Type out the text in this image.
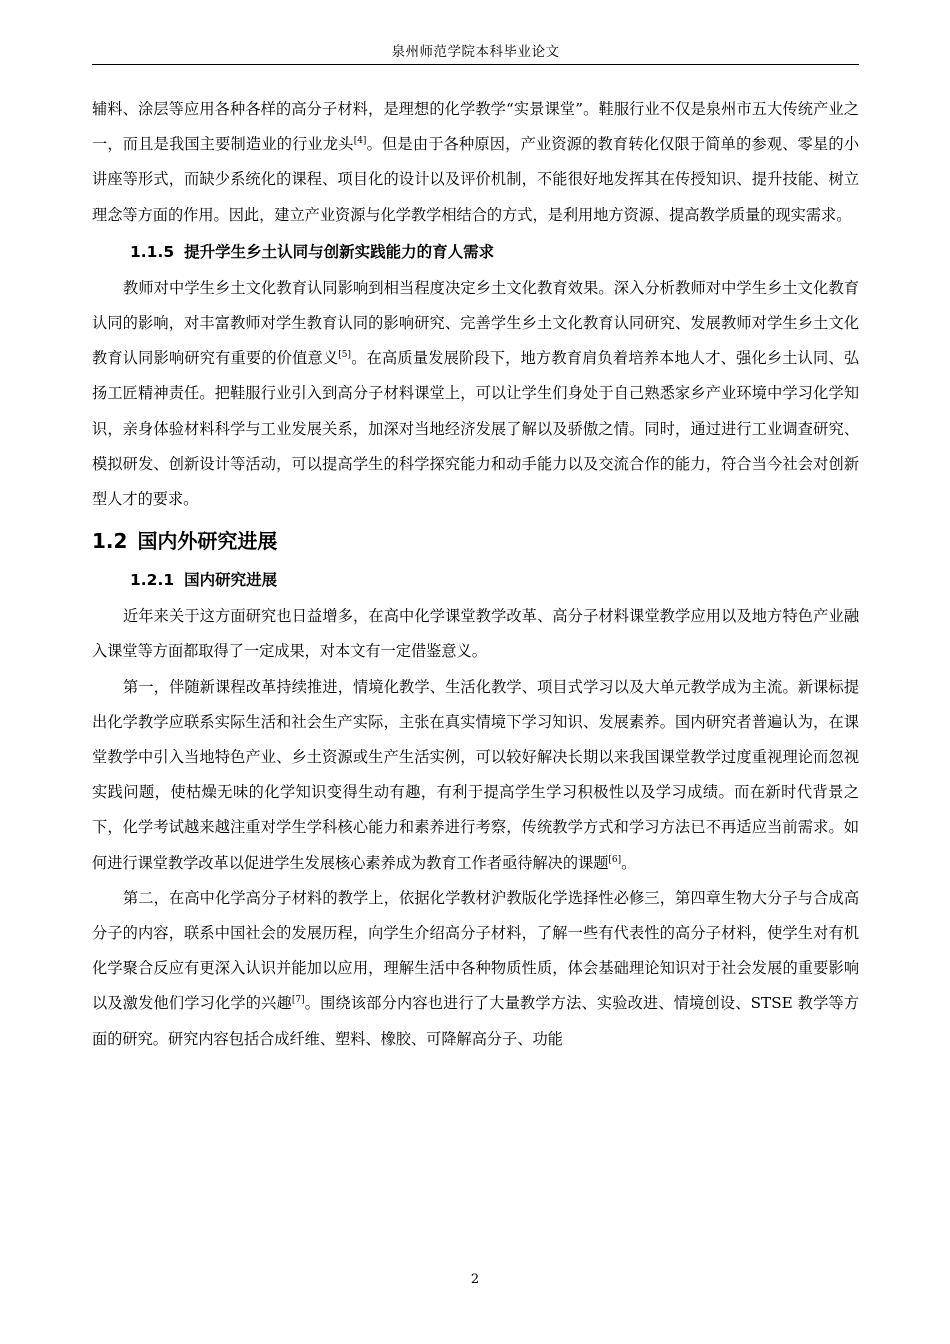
泉州师范学院本科毕业论文

辅料、涂层等应用各种各样的高分子材料，是理想的化学教学“实景课堂”。鞋服行业不仅是泉州市五大传统产业之一，而且是我国主要制造业的行业龙头[4]。但是由于各种原因，产业资源的教育转化仅限于简单的参观、零星的小讲座等形式，而缺少系统化的课程、项目化的设计以及评价机制，不能很好地发挥其在传授知识、提升技能、树立理念等方面的作用。因此，建立产业资源与化学教学相结合的方式，是利用地方资源、提高教学质量的现实需求。

1.1.5 提升学生乡土认同与创新实践能力的育人需求

教师对中学生乡土文化教育认同影响到相当程度决定乡土文化教育效果。深入分析教师对中学生乡土文化教育认同的影响，对丰富教师对学生教育认同的影响研究、完善学生乡土文化教育认同研究、发展教师对学生乡土文化教育认同影响研究有重要的价值意义[5]。在高质量发展阶段下，地方教育肩负着培养本地人才、强化乡土认同、弘扬工匠精神责任。把鞋服行业引入到高分子材料课堂上，可以让学生们身处于自己熟悉家乡产业环境中学习化学知识，亲身体验材料科学与工业发展关系，加深对当地经济发展了解以及骄傲之情。同时，通过进行工业调查研究、模拟研发、创新设计等活动，可以提高学生的科学探究能力和动手能力以及交流合作的能力，符合当今社会对创新型人才的要求。

1.2 国内外研究进展
1.2.1 国内研究进展

近年来关于这方面研究也日益增多，在高中化学课堂教学改革、高分子材料课堂教学应用以及地方特色产业融入课堂等方面都取得了一定成果，对本文有一定借鉴意义。

第一，伴随新课程改革持续推进，情境化教学、生活化教学、项目式学习以及大单元教学成为主流。新课标提出化学教学应联系实际生活和社会生产实际，主张在真实情境下学习知识、发展素养。国内研究者普遍认为，在课堂教学中引入当地特色产业、乡土资源或生产生活实例，可以较好解决长期以来我国课堂教学过度重视理论而忽视实践问题，使枯燥无味的化学知识变得生动有趣，有利于提高学生学习积极性以及学习成绩。而在新时代背景之下，化学考试越来越注重对学生学科核心能力和素养进行考察，传统教学方式和学习方法已不再适应当前需求。如何进行课堂教学改革以促进学生发展核心素养成为教育工作者亟待解决的课题[6]。

第二，在高中化学高分子材料的教学上，依据化学教材沪教版化学选择性必修三，第四章生物大分子与合成高分子的内容，联系中国社会的发展历程，向学生介绍高分子材料，了解一些有代表性的高分子材料，使学生对有机化学聚合反应有更深入认识并能加以应用，理解生活中各种物质性质，体会基础理论知识对于社会发展的重要影响以及激发他们学习化学的兴趣[7]。围绕该部分内容也进行了大量教学方法、实验改进、情境创设、STSE 教学等方面的研究。研究内容包括合成纤维、塑料、橡胶、可降解高分子、功能

2
